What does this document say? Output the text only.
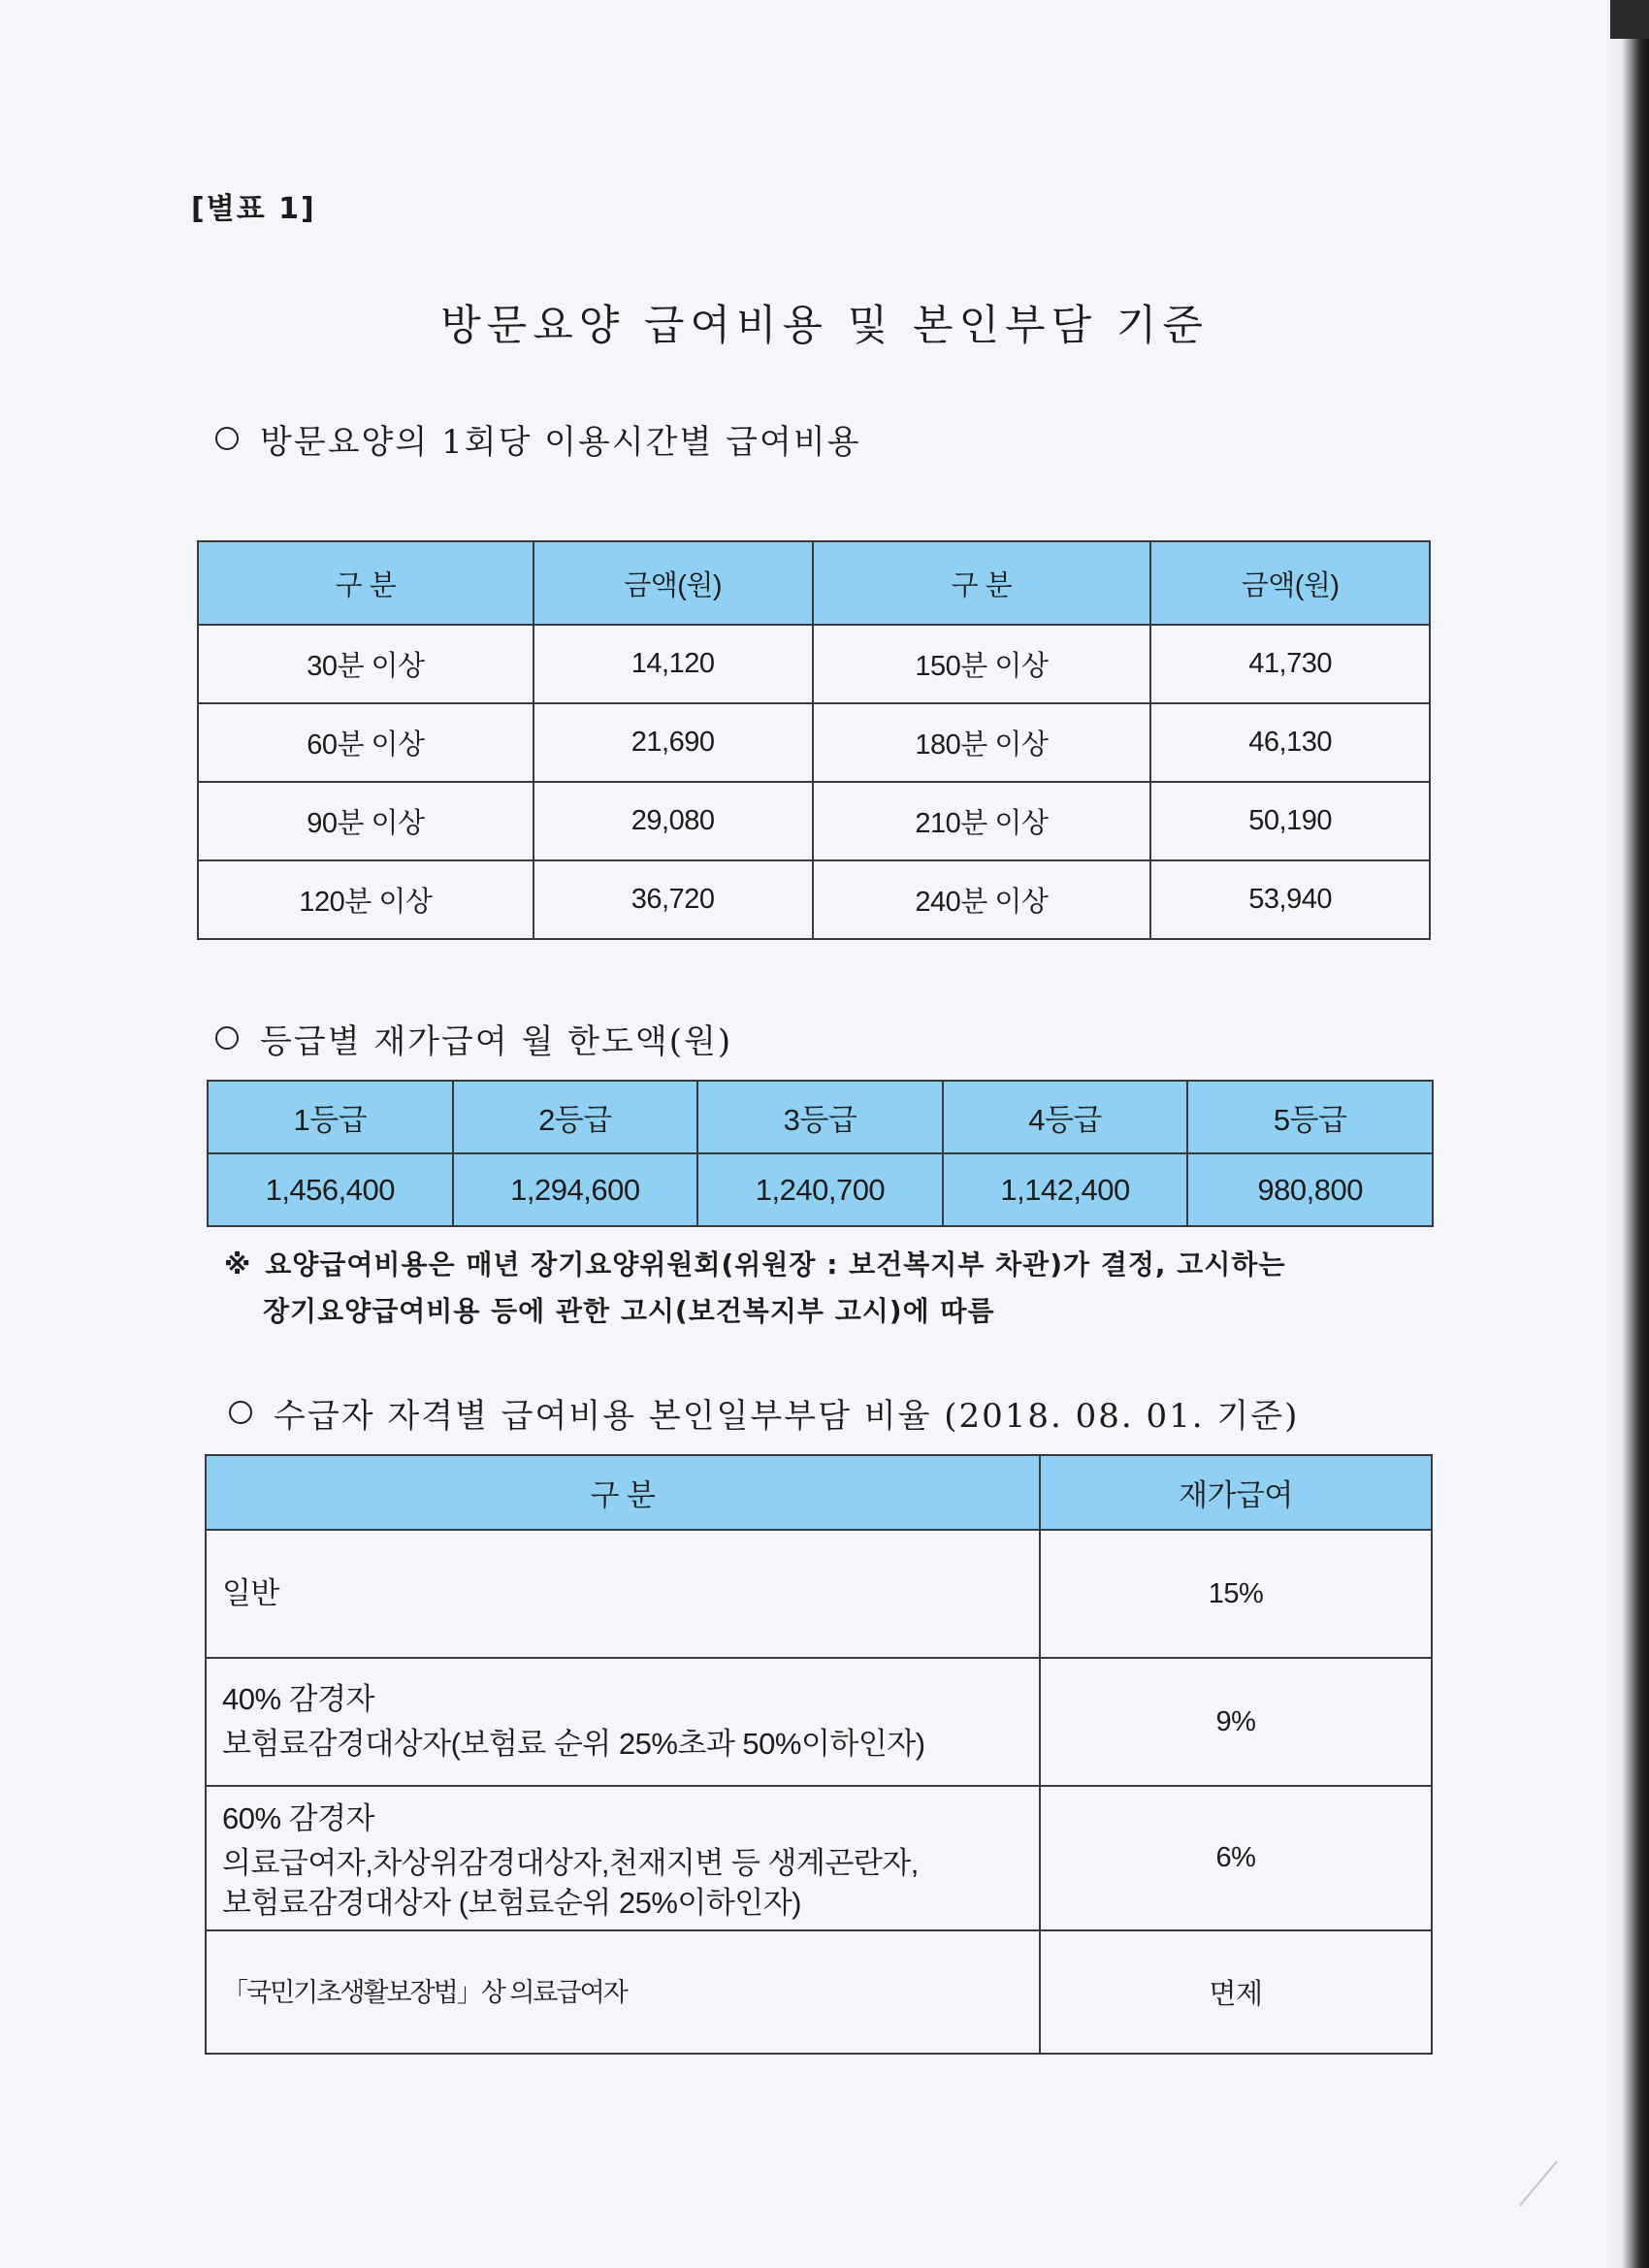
[별표 1]
방문요양 급여비용 및 본인부담 기준
방문요양의 1회당 이용시간별 급여비용
구 분	금액(원)	구 분	금액(원)
30분 이상	14,120	150분 이상	41,730
60분 이상	21,690	180분 이상	46,130
90분 이상	29,080	210분 이상	50,190
120분 이상	36,720	240분 이상	53,940
등급별 재가급여 월 한도액(원)
1등급	2등급	3등급	4등급	5등급
1,456,400	1,294,600	1,240,700	1,142,400	980,800
※ 요양급여비용은 매년 장기요양위원회(위원장 : 보건복지부 차관)가 결정, 고시하는
장기요양급여비용 등에 관한 고시(보건복지부 고시)에 따름
수급자 자격별 급여비용 본인일부부담 비율 (2018. 08. 01. 기준)
구 분	재가급여

일반	15%

40% 감경자
보험료감경대상자(보험료 순위 25%초과 50%이하인자)	9%

60% 감경자
의료급여자,차상위감경대상자,천재지변 등 생계곤란자,
보험료감경대상자 (보험료순위 25%이하인자)	6%

「국민기초생활보장법」상 의료급여자	면제
